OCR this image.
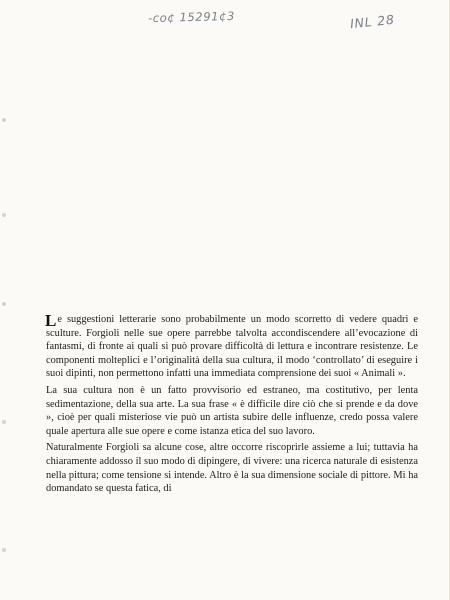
-co¢ 15291¢3	INL 28

Le suggestioni letterarie sono probabilmente un modo scorretto di vedere quadri e sculture. Forgioli nelle sue opere parrebbe talvolta accondiscendere all’evocazione di fantasmi, di fronte ai quali si può provare difficoltà di lettura e incontrare resistenze. Le componenti molteplici e l’originalità della sua cultura, il modo ‘controllato’ di eseguire i suoi dipinti, non permettono infatti una immediata comprensione dei suoi « Animali ».

La sua cultura non è un fatto provvisorio ed estraneo, ma costitutivo, per lenta sedimentazione, della sua arte. La sua frase « è difficile dire ciò che si prende e da dove », cioè per quali misteriose vie può un artista subire delle influenze, credo possa valere quale apertura alle sue opere e come istanza etica del suo lavoro.

Naturalmente Forgioli sa alcune cose, altre occorre riscoprirle assieme a lui; tuttavia ha chiaramente addosso il suo modo di dipingere, di vivere: una ricerca naturale di esistenza nella pittura; come tensione si intende. Altro è la sua dimensione sociale di pittore. Mi ha domandato se questa fatica, di
